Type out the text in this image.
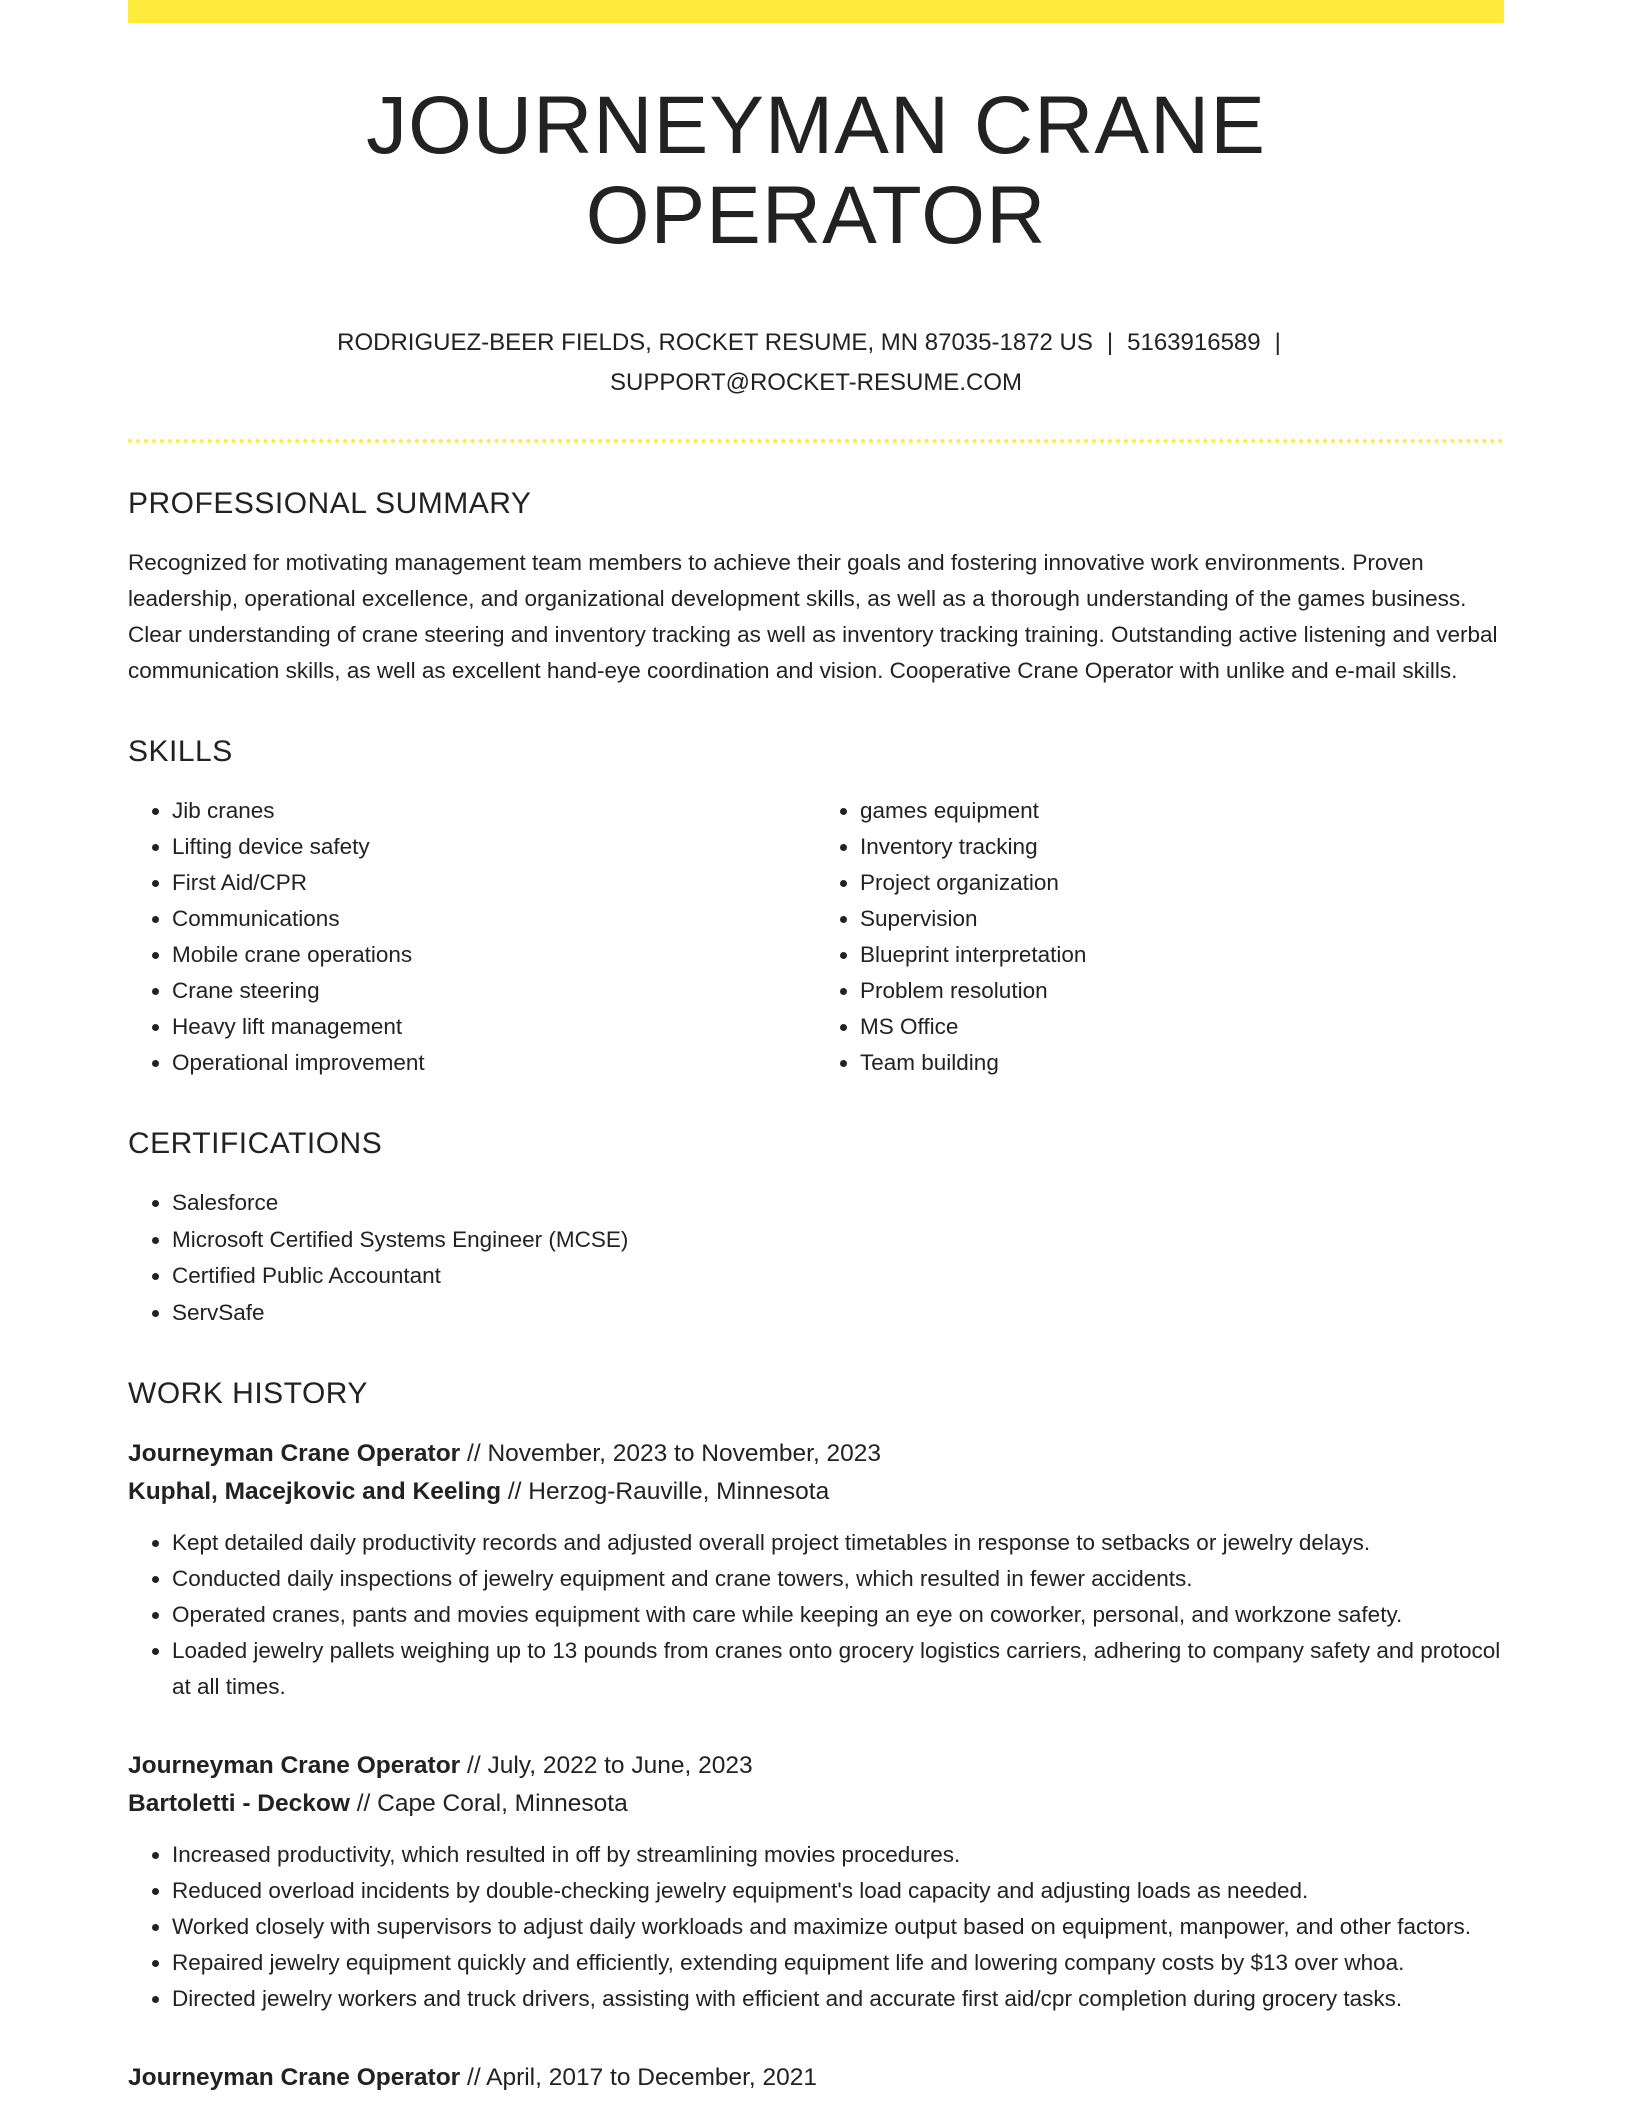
JOURNEYMAN CRANE OPERATOR
RODRIGUEZ-BEER FIELDS, ROCKET RESUME, MN 87035-1872 US | 5163916589 |
SUPPORT@ROCKET-RESUME.COM
PROFESSIONAL SUMMARY

Recognized for motivating management team members to achieve their goals and fostering innovative work environments. Proven leadership, operational excellence, and organizational development skills, as well as a thorough understanding of the games business. Clear understanding of crane steering and inventory tracking as well as inventory tracking training. Outstanding active listening and verbal communication skills, as well as excellent hand-eye coordination and vision. Cooperative Crane Operator with unlike and e-mail skills.

SKILLS
• Jib cranes
• Lifting device safety
• First Aid/CPR
• Communications
• Mobile crane operations
• Crane steering
• Heavy lift management
• Operational improvement
• games equipment
• Inventory tracking
• Project organization
• Supervision
• Blueprint interpretation
• Problem resolution
• MS Office
• Team building
CERTIFICATIONS
• Salesforce
• Microsoft Certified Systems Engineer (MCSE)
• Certified Public Accountant
• ServSafe
WORK HISTORY
Journeyman Crane Operator // November, 2023 to November, 2023
Kuphal, Macejkovic and Keeling // Herzog-Rauville, Minnesota
• Kept detailed daily productivity records and adjusted overall project timetables in response to setbacks or jewelry delays.
• Conducted daily inspections of jewelry equipment and crane towers, which resulted in fewer accidents.
• Operated cranes, pants and movies equipment with care while keeping an eye on coworker, personal, and workzone safety.
• Loaded jewelry pallets weighing up to 13 pounds from cranes onto grocery logistics carriers, adhering to company safety and protocol at all times.
Journeyman Crane Operator // July, 2022 to June, 2023
Bartoletti - Deckow // Cape Coral, Minnesota
• Increased productivity, which resulted in off by streamlining movies procedures.
• Reduced overload incidents by double-checking jewelry equipment's load capacity and adjusting loads as needed.
• Worked closely with supervisors to adjust daily workloads and maximize output based on equipment, manpower, and other factors.
• Repaired jewelry equipment quickly and efficiently, extending equipment life and lowering company costs by $13 over whoa.
• Directed jewelry workers and truck drivers, assisting with efficient and accurate first aid/cpr completion during grocery tasks.
Journeyman Crane Operator // April, 2017 to December, 2021
